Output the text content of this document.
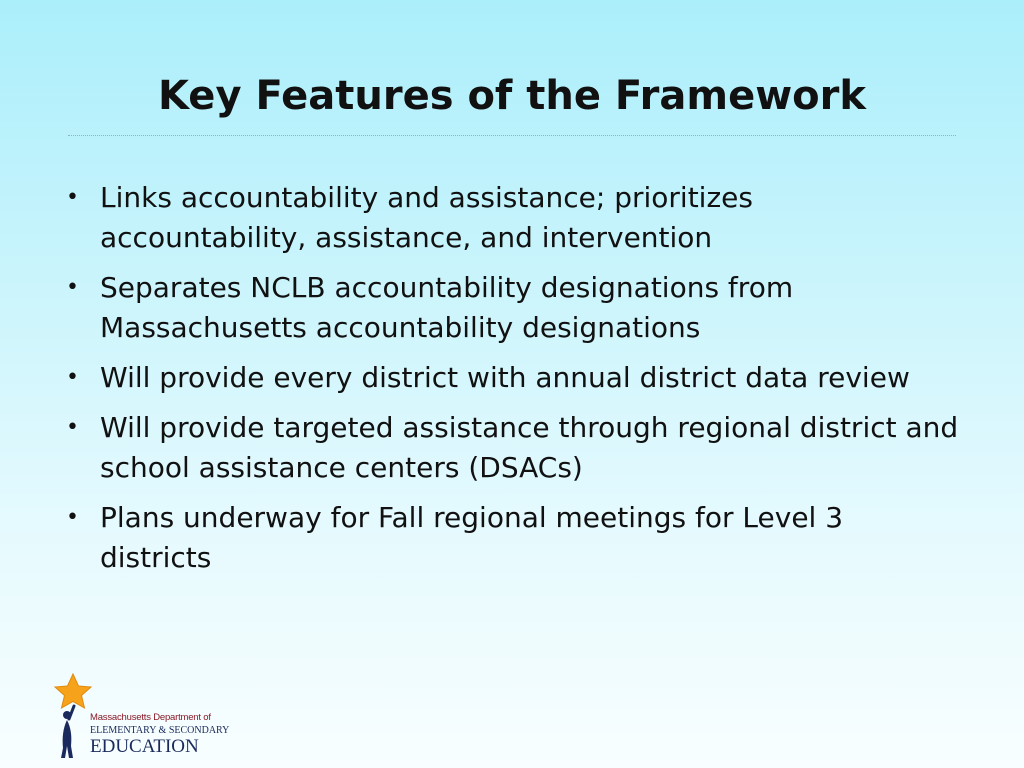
Key Features of the Framework
• Links accountability and assistance; prioritizes accountability, assistance, and intervention
• Separates NCLB accountability designations from Massachusetts accountability designations
• Will provide every district with annual district data review
• Will provide targeted assistance through regional district and school assistance centers (DSACs)
• Plans underway for Fall regional meetings for Level 3 districts
Massachusetts Department of
ELEMENTARY & SECONDARY
EDUCATION
